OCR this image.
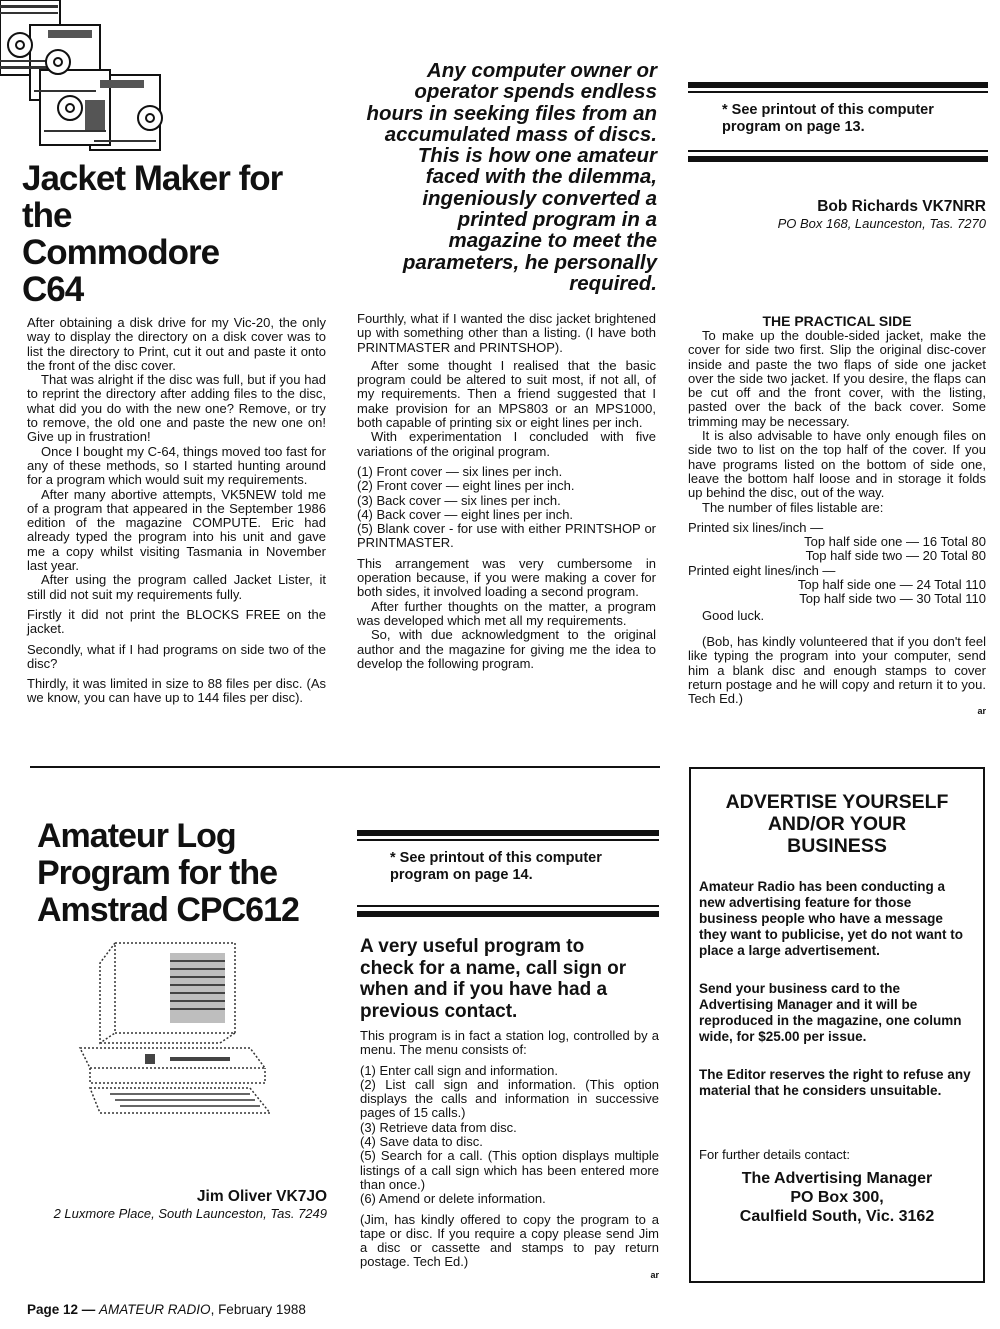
Jacket Maker for
the
Commodore
C64
Any computer owner or
operator spends endless
hours in seeking files from an
accumulated mass of discs.
This is how one amateur
faced with the dilemma,
ingeniously converted a
printed program in a
magazine to meet the
parameters, he personally
required.
* See printout of this computer
program on page 13.
Bob Richards VK7NRR
PO Box 168, Launceston, Tas. 7270

After obtaining a disk drive for my Vic-20, the only way to display the directory on a disk cover was to list the directory to Print, cut it out and paste it onto the front of the disc cover.

That was alright if the disc was full, but if you had to reprint the directory after adding files to the disc, what did you do with the new one? Remove, or try to remove, the old one and paste the new one on! Give up in frustration!

Once I bought my C-64, things moved too fast for any of these methods, so I started hunting around for a program which would suit my requirements.

After many abortive attempts, VK5NEW told me of a program that appeared in the September 1986 edition of the magazine COMPUTE. Eric had already typed the program into his unit and gave me a copy whilst visiting Tasmania in November last year.

After using the program called Jacket Lister, it still did not suit my requirements fully.

Firstly it did not print the BLOCKS FREE on the jacket.

Secondly, what if I had programs on side two of the disc?

Thirdly, it was limited in size to 88 files per disc. (As we know, you can have up to 144 files per disc).

Fourthly, what if I wanted the disc jacket brightened up with something other than a listing. (I have both PRINTMASTER and PRINTSHOP).

After some thought I realised that the basic program could be altered to suit most, if not all, of my requirements. Then a friend suggested that I make provision for an MPS803 or an MPS1000, both capable of printing six or eight lines per inch.

With experimentation I concluded with five variations of the original program.

(1) Front cover — six lines per inch.
(2) Front cover — eight lines per inch.
(3) Back cover — six lines per inch.
(4) Back cover — eight lines per inch.
(5) Blank cover - for use with either PRINTSHOP or PRINTMASTER.

This arrangement was very cumbersome in operation because, if you were making a cover for both sides, it involved loading a second program.

After further thoughts on the matter, a program was developed which met all my requirements.

So, with due acknowledgment to the original author and the magazine for giving me the idea to develop the following program.

THE PRACTICAL SIDE

To make up the double-sided jacket, make the cover for side two first. Slip the original disc-cover inside and paste the two flaps of side one jacket over the side two jacket. If you desire, the flaps can be cut off and the front cover, with the listing, pasted over the back of the back cover. Some trimming may be necessary.

It is also advisable to have only enough files on side two to list on the top half of the cover. If you have programs listed on the bottom of side one, leave the bottom half loose and in storage it folds up behind the disc, out of the way.

The number of files listable are:

Printed six lines/inch —
Top half side one — 16 Total 80
Top half side two — 20 Total 80
Printed eight lines/inch —
Top half side one — 24 Total 110
Top half side two — 30 Total 110
Good luck.

(Bob, has kindly volunteered that if you don't feel like typing the program into your computer, send him a blank disc and enough stamps to cover return postage and he will copy and return it to you. Tech Ed.)

ar
Amateur Log
Program for the
Amstrad CPC612
Jim Oliver VK7JO
2 Luxmore Place, South Launceston, Tas. 7249
* See printout of this computer
program on page 14.
A very useful program to
check for a name, call sign or
when and if you have had a
previous contact.

This program is in fact a station log, controlled by a menu. The menu consists of:

(1) Enter call sign and information.
(2) List call sign and information. (This option displays the calls and information in successive pages of 15 calls.)
(3) Retrieve data from disc.
(4) Save data to disc.
(5) Search for a call. (This option displays multiple listings of a call sign which has been entered more than once.)
(6) Amend or delete information.

(Jim, has kindly offered to copy the program to a tape or disc. If you require a copy please send Jim a disc or cassette and stamps to pay return postage. Tech Ed.)

ar
ADVERTISE YOURSELF
AND/OR YOUR
BUSINESS

Amateur Radio has been conducting a new advertising feature for those business people who have a message they want to publicise, yet do not want to place a large advertisement.

Send your business card to the Advertising Manager and it will be reproduced in the magazine, one column wide, for $25.00 per issue.

The Editor reserves the right to refuse any material that he considers unsuitable.

For further details contact:
The Advertising Manager
PO Box 300,
Caulfield South, Vic. 3162
Page 12 — AMATEUR RADIO, February 1988
